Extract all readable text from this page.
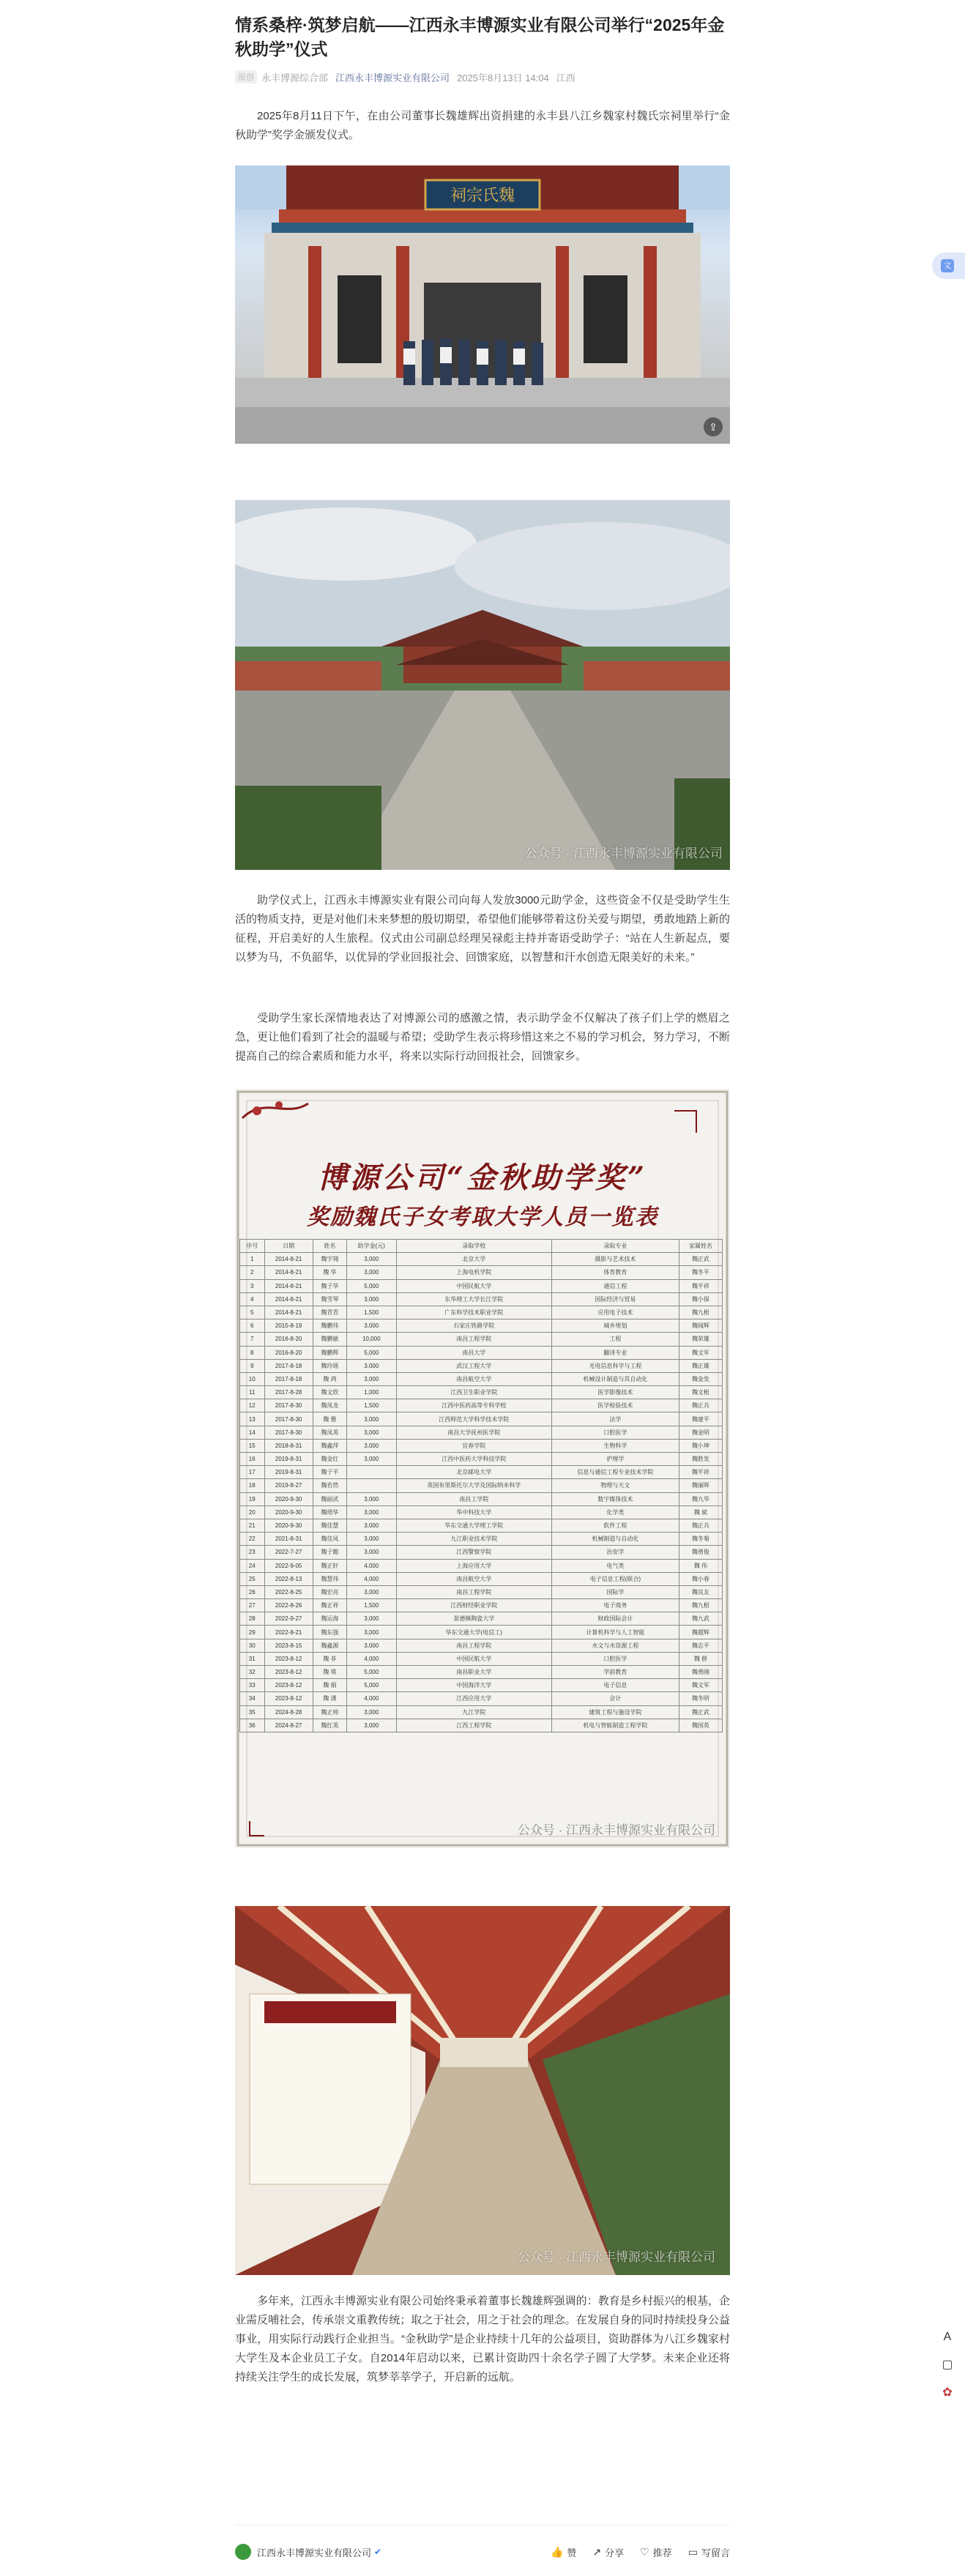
情系桑梓·筑梦启航——江西永丰博源实业有限公司举行“2025年金秋助学”仪式
原创 永丰博源综合部 江西永丰博源实业有限公司 2025年8月13日 14:04 江西

2025年8月11日下午，在由公司董事长魏雄辉出资捐建的永丰县八江乡魏家村魏氏宗祠里举行“金秋助学”奖学金颁发仪式。

祠宗氏魏
⇪
公众号 · 江西永丰博源实业有限公司

助学仪式上，江西永丰博源实业有限公司向每人发放3000元助学金，这些资金不仅是受助学生生活的物质支持，更是对他们未来梦想的殷切期望，希望他们能够带着这份关爱与期望，勇敢地踏上新的征程，开启美好的人生旅程。仪式由公司副总经理吴禄彪主持并寄语受助学子：“站在人生新起点，要以梦为马，不负韶华，以优异的学业回报社会、回馈家庭，以智慧和汗水创造无限美好的未来。”

受助学生家长深情地表达了对博源公司的感激之情，表示助学金不仅解决了孩子们上学的燃眉之急，更让他们看到了社会的温暖与希望；受助学生表示将珍惜这来之不易的学习机会，努力学习，不断提高自己的综合素质和能力水平，将来以实际行动回报社会，回馈家乡。

博源公司“金秋助学奖”
奖励魏氏子女考取大学人员一览表
序号	日期	姓名	助学金(元)	录取学校	录取专业	家属姓名
1	2014-8-21	魏宇翔	3,000	北京大学	摄影与艺术技术	魏正武
2	2014-8-21	魏 华	3,000	上海电机学院	体育教育	魏冬平
3	2014-8-21	魏子华	5,000	中国民航大学	通信工程	魏平祥
4	2014-8-21	魏雪琴	3,000	东华理工大学长江学院	国际经济与贸易	魏小保
5	2014-8-21	魏青青	1,500	广东科学技术职业学院	应用电子技术	魏九根
6	2015-8-19	魏鹏伟	3,000	石家庄铁路学院	城乡规划	魏闻辉
7	2016-8-20	魏鹏敏	10,000	南昌工程学院	工程	魏荣雄
8	2016-8-20	魏鹏辉	5,000	南昌大学	翻译专业	魏文军
9	2017-8-18	魏玲瑶	3,000	武汉工程大学	光电信息科学与工程	魏正雄
10	2017-8-18	魏 鸿	3,000	南昌航空大学	机械设计制造与其自动化	魏金发
11	2017-8-28	魏文欣	1,000	江西卫生职业学院	医学影像技术	魏文根
12	2017-8-30	魏凤龙	1,500	江西中医药高等专科学校	医学检验技术	魏正兵
13	2017-8-30	魏 雅	3,000	江西师范大学科学技术学院	法学	魏建平
14	2017-8-30	魏凤英	3,000	南昌大学抚州医学院	口腔医学	魏金明
15	2018-8-31	魏鑫萍	3,000	宜春学院	生物科学	魏小坤
16	2019-8-31	魏金红	3,000	江西中医药大学科技学院	护理学	魏胜发
17	2019-8-31	魏子平		北京邮电大学	信息与通信工程专业技术学院	魏平祥
18	2019-8-27	魏若然		英国布里斯托尔大学及国际纳米科学	物理与天文	魏丽晖
19	2020-9-30	魏丽武	3,000	南昌工学院	数字媒体技术	魏九华
20	2020-9-30	魏珺华	3,000	华中科技大学	化学类	魏 斌
21	2020-9-30	魏佳慧	3,000	华东交通大学理工学院	软件工程	魏正兵
22	2021-8-31	魏佳凤	3,000	九江职业技术学院	机械制造与自动化	魏冬菊
23	2022-7-27	魏子懿	3,000	江西警察学院	治安学	魏勇俊
24	2022-9-05	魏正轩	4,000	上海应用大学	电气类	魏 伟
25	2022-8-13	魏慧伟	4,000	南昌航空大学	电子信息工程(联合)	魏小春
26	2022-8-25	魏宏亮	3,000	南昌工程学院	国际学	魏良友
27	2022-8-26	魏正祥	1,500	江西财经职业学院	电子商务	魏九根
28	2022-9-27	魏运海	3,000	景德镇陶瓷大学	财政国际会计	魏九武
29	2022-8-21	魏东强	3,000	华东交通大学(电信工)	计算机科学与人工智能	魏超辉
30	2023-8-15	魏鑫源	3,000	南昌工程学院	水文与水资源工程	魏志平
31	2023-8-12	魏 菲	4,000	中国民航大学	口腔医学	魏 群
32	2023-8-12	魏 琪	5,000	南昌职业大学	学前教育	魏勇刚
33	2023-8-12	魏 娟	5,000	中国海洋大学	电子信息	魏文军
34	2023-8-12	魏 潇	4,000	江西应用大学	会计	魏冬明
35	2024-8-28	魏正帅	3,000	九江学院	建筑工程与施设学院	魏正武
36	2024-8-27	魏红英	3,000	江西工程学院	机电与智能制造工程学院	魏国英
公众号 · 江西永丰博源实业有限公司
公众号 · 江西永丰博源实业有限公司

多年来，江西永丰博源实业有限公司始终秉承着董事长魏雄辉强调的：教育是乡村振兴的根基，企业需反哺社会，传承崇文重教传统；取之于社会，用之于社会的理念。在发展自身的同时持续投身公益事业，用实际行动践行企业担当。“金秋助学”是企业持续十几年的公益项目，资助群体为八江乡魏家村大学生及本企业员工子女。自2014年启动以来，已累计资助四十余名学子圆了大学梦。未来企业还将持续关注学生的成长发展，筑梦莘莘学子，开启新的远航。

文
A
▢
✿
江西永丰博源实业有限公司 ✔	👍 赞 ↗ 分享 ♡ 推荐 ▭ 写留言
